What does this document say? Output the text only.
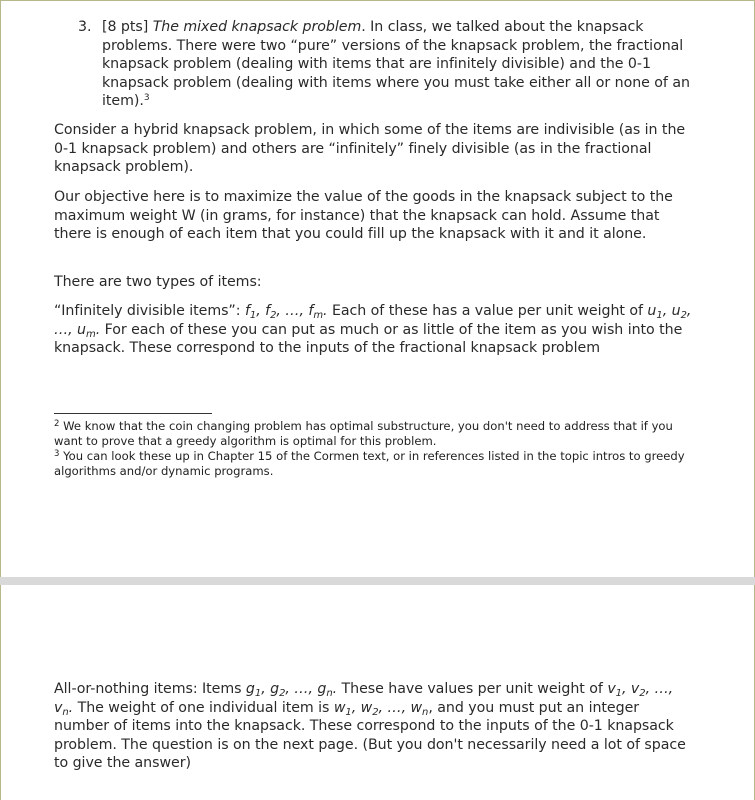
3. [8 pts] The mixed knapsack problem. In class, we talked about the knapsack problems. There were two “pure” versions of the knapsack problem, the fractional knapsack problem (dealing with items that are infinitely divisible) and the 0-1 knapsack problem (dealing with items where you must take either all or none of an item).$^3$
Consider a hybrid knapsack problem, in which some of the items are indivisible (as in the 0-1 knapsack problem) and others are “infinitely” finely divisible (as in the fractional knapsack problem).
Our objective here is to maximize the value of the goods in the knapsack subject to the maximum weight W (in grams, for instance) that the knapsack can hold. Assume that there is enough of each item that you could fill up the knapsack with it and it alone.
There are two types of items:
“Infinitely divisible items”: $f_1$, $f_2$, …, $f_m$. Each of these has a value per unit weight of $u_1$, $u_2$, …, $u_m$. For each of these you can put as much or as little of the item as you wish into the knapsack. These correspond to the inputs of the fractional knapsack problem
$^2$ We know that the coin changing problem has optimal substructure, you don't need to address that if you want to prove that a greedy algorithm is optimal for this problem.
$^3$ You can look these up in Chapter 15 of the Cormen text, or in references listed in the topic intros to greedy algorithms and/or dynamic programs.
All-or-nothing items: Items $g_1$, $g_2$, …, $g_n$. These have values per unit weight of $v_1$, $v_2$, …, $v_n$. The weight of one individual item is $w_1$, $w_2$, …, $w_n$, and you must put an integer number of items into the knapsack. These correspond to the inputs of the 0-1 knapsack problem. The question is on the next page. (But you don't necessarily need a lot of space to give the answer)
